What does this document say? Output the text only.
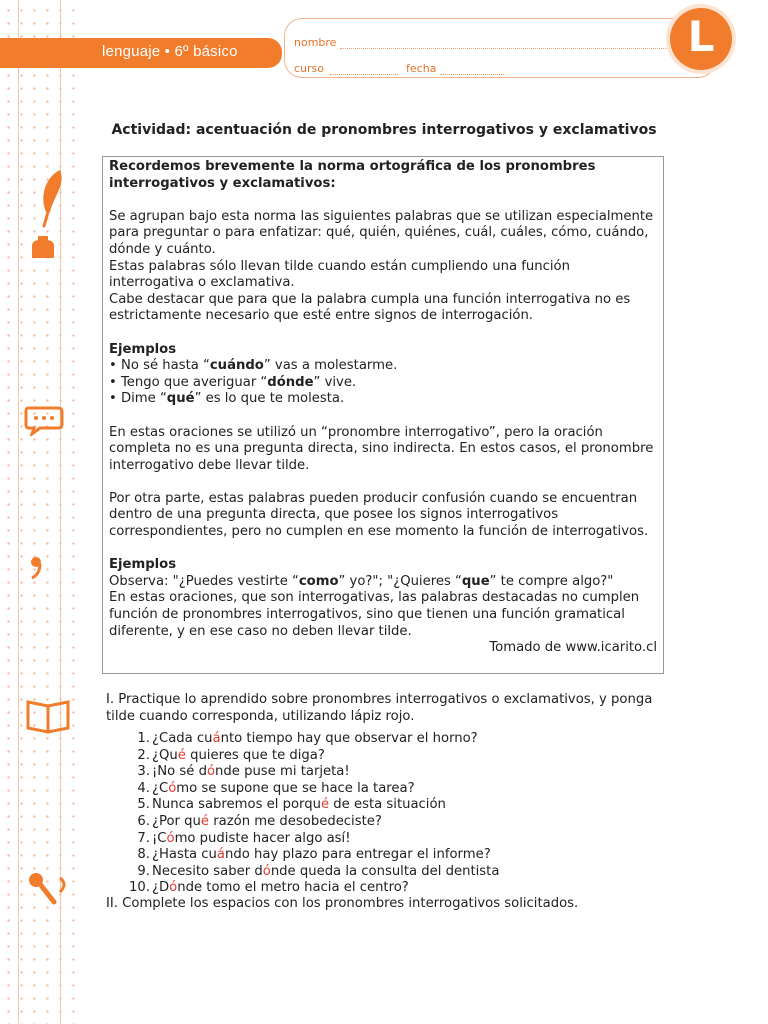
lenguaje • 6º básico
nombre
curso	fecha
L
Actividad: acentuación de pronombres interrogativos y exclamativos

Recordemos brevemente la norma ortográfica de los pronombres interrogativos y exclamativos:

Se agrupan bajo esta norma las siguientes palabras que se utilizan especialmente para preguntar o para enfatizar: qué, quién, quiénes, cuál, cuáles, cómo, cuándo, dónde y cuánto.

Estas palabras sólo llevan tilde cuando están cumpliendo una función interrogativa o exclamativa.

Cabe destacar que para que la palabra cumpla una función interrogativa no es estrictamente necesario que esté entre signos de interrogación.

Ejemplos

• No sé hasta “cuándo” vas a molestarme.

• Tengo que averiguar “dónde” vive.

• Dime “qué” es lo que te molesta.

En estas oraciones se utilizó un “pronombre interrogativo”, pero la oración completa no es una pregunta directa, sino indirecta. En estos casos, el pronombre interrogativo debe llevar tilde.

Por otra parte, estas palabras pueden producir confusión cuando se encuentran dentro de una pregunta directa, que posee los signos interrogativos correspondientes, pero no cumplen en ese momento la función de interrogativos.

Ejemplos

Observa: "¿Puedes vestirte “como” yo?"; "¿Quieres “que” te compre algo?"

En estas oraciones, que son interrogativas, las palabras destacadas no cumplen función de pronombres interrogativos, sino que tienen una función gramatical diferente, y en ese caso no deben llevar tilde.

Tomado de www.icarito.cl

I. Practique lo aprendido sobre pronombres interrogativos o exclamativos, y ponga tilde cuando corresponda, utilizando lápiz rojo.
1. ¿Cada cuánto tiempo hay que observar el horno?
2. ¿Qué quieres que te diga?
3. ¡No sé dónde puse mi tarjeta!
4. ¿Cómo se supone que se hace la tarea?
5. Nunca sabremos el porqué de esta situación
6. ¿Por qué razón me desobedeciste?
7. ¡Cómo pudiste hacer algo así!
8. ¿Hasta cuándo hay plazo para entregar el informe?
9. Necesito saber dónde queda la consulta del dentista
10. ¿Dónde tomo el metro hacia el centro?
II. Complete los espacios con los pronombres interrogativos solicitados.
